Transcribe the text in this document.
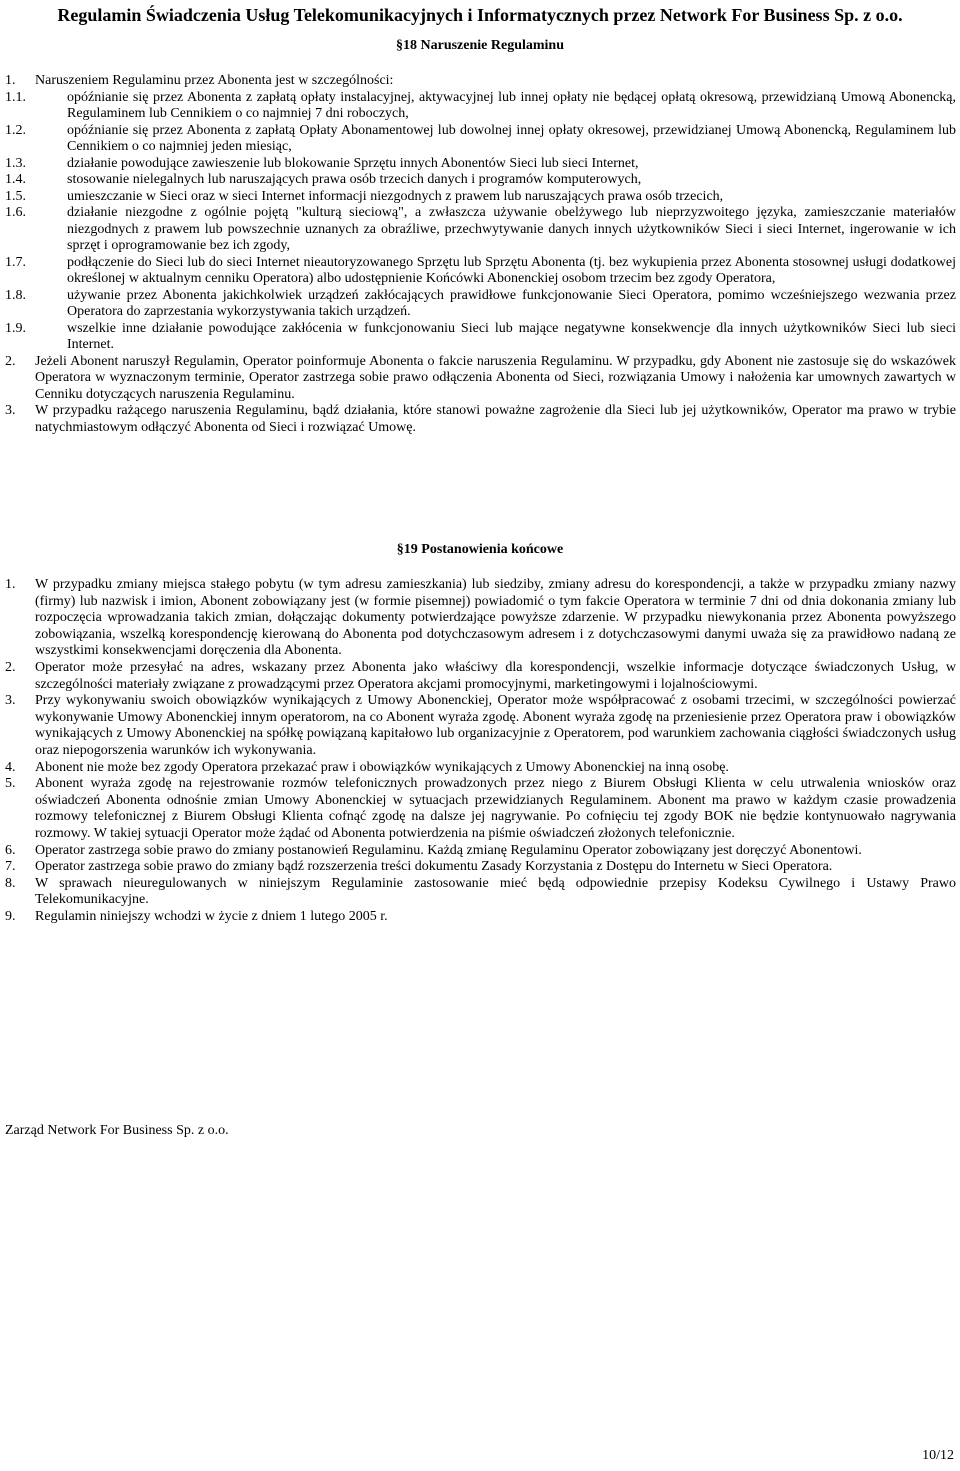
Regulamin Świadczenia Usług Telekomunikacyjnych i Informatycznych przez Network For Business Sp. z o.o.
§18 Naruszenie Regulaminu

1. Naruszeniem Regulaminu przez Abonenta jest w szczególności:

1.1.	opóźnianie się przez Abonenta z zapłatą opłaty instalacyjnej, aktywacyjnej lub innej opłaty nie będącej opłatą okresową, przewidzianą Umową Abonencką, Regulaminem lub Cennikiem o co najmniej 7 dni roboczych,

1.2.	opóźnianie się przez Abonenta z zapłatą Opłaty Abonamentowej lub dowolnej innej opłaty okresowej, przewidzianej Umową Abonencką, Regulaminem lub Cennikiem o co najmniej jeden miesiąc,

1.3.	działanie powodujące zawieszenie lub blokowanie Sprzętu innych Abonentów Sieci lub sieci Internet,

1.4.	stosowanie nielegalnych lub naruszających prawa osób trzecich danych i programów komputerowych,

1.5.	umieszczanie w Sieci oraz w sieci Internet informacji niezgodnych z prawem lub naruszających prawa osób trzecich,

1.6.	działanie niezgodne z ogólnie pojętą "kulturą sieciową", a zwłaszcza używanie obelżywego lub nieprzyzwoitego języka, zamieszczanie materiałów niezgodnych z prawem lub powszechnie uznanych za obraźliwe, przechwytywanie danych innych użytkowników Sieci i sieci Internet, ingerowanie w ich sprzęt i oprogramowanie bez ich zgody,

1.7.	podłączenie do Sieci lub do sieci Internet nieautoryzowanego Sprzętu lub Sprzętu Abonenta (tj. bez wykupienia przez Abonenta stosownej usługi dodatkowej określonej w aktualnym cenniku Operatora) albo udostępnienie Końcówki Abonenckiej osobom trzecim bez zgody Operatora,

1.8.	używanie przez Abonenta jakichkolwiek urządzeń zakłócających prawidłowe funkcjonowanie Sieci Operatora, pomimo wcześniejszego wezwania przez Operatora do zaprzestania wykorzystywania takich urządzeń.

1.9.	wszelkie inne działanie powodujące zakłócenia w funkcjonowaniu Sieci lub mające negatywne konsekwencje dla innych użytkowników Sieci lub sieci Internet.

2. Jeżeli Abonent naruszył Regulamin, Operator poinformuje Abonenta o fakcie naruszenia Regulaminu. W przypadku, gdy Abonent nie zastosuje się do wskazówek Operatora w wyznaczonym terminie, Operator zastrzega sobie prawo odłączenia Abonenta od Sieci, rozwiązania Umowy i nałożenia kar umownych zawartych w Cenniku dotyczących naruszenia Regulaminu.

3. W przypadku rażącego naruszenia Regulaminu, bądź działania, które stanowi poważne zagrożenie dla Sieci lub jej użytkowników, Operator ma prawo w trybie natychmiastowym odłączyć Abonenta od Sieci i rozwiązać Umowę.

§19 Postanowienia końcowe

1. W przypadku zmiany miejsca stałego pobytu (w tym adresu zamieszkania) lub siedziby, zmiany adresu do korespondencji, a także w przypadku zmiany nazwy (firmy) lub nazwisk i imion, Abonent zobowiązany jest (w formie pisemnej) powiadomić o tym fakcie Operatora w terminie 7 dni od dnia dokonania zmiany lub rozpoczęcia wprowadzania takich zmian, dołączając dokumenty potwierdzające powyższe zdarzenie. W przypadku niewykonania przez Abonenta powyższego zobowiązania, wszelką korespondencję kierowaną do Abonenta pod dotychczasowym adresem i z dotychczasowymi danymi uważa się za prawidłowo nadaną ze wszystkimi konsekwencjami doręczenia dla Abonenta.

2. Operator może przesyłać na adres, wskazany przez Abonenta jako właściwy dla korespondencji, wszelkie informacje dotyczące świadczonych Usług, w szczególności materiały związane z prowadzącymi przez Operatora akcjami promocyjnymi, marketingowymi i lojalnościowymi.

3. Przy wykonywaniu swoich obowiązków wynikających z Umowy Abonenckiej, Operator może współpracować z osobami trzecimi, w szczególności powierzać wykonywanie Umowy Abonenckiej innym operatorom, na co Abonent wyraża zgodę. Abonent wyraża zgodę na przeniesienie przez Operatora praw i obowiązków wynikających z Umowy Abonenckiej na spółkę powiązaną kapitałowo lub organizacyjnie z Operatorem, pod warunkiem zachowania ciągłości świadczonych usług oraz niepogorszenia warunków ich wykonywania.

4. Abonent nie może bez zgody Operatora przekazać praw i obowiązków wynikających z Umowy Abonenckiej na inną osobę.

5. Abonent wyraża zgodę na rejestrowanie rozmów telefonicznych prowadzonych przez niego z Biurem Obsługi Klienta w celu utrwalenia wniosków oraz oświadczeń Abonenta odnośnie zmian Umowy Abonenckiej w sytuacjach przewidzianych Regulaminem. Abonent ma prawo w każdym czasie prowadzenia rozmowy telefonicznej z Biurem Obsługi Klienta cofnąć zgodę na dalsze jej nagrywanie. Po cofnięciu tej zgody BOK nie będzie kontynuowało nagrywania rozmowy. W takiej sytuacji Operator może żądać od Abonenta potwierdzenia na piśmie oświadczeń złożonych telefonicznie.

6. Operator zastrzega sobie prawo do zmiany postanowień Regulaminu. Każdą zmianę Regulaminu Operator zobowiązany jest doręczyć Abonentowi.

7. Operator zastrzega sobie prawo do zmiany bądź rozszerzenia treści dokumentu Zasady Korzystania z Dostępu do Internetu w Sieci Operatora.

8. W sprawach nieuregulowanych w niniejszym Regulaminie zastosowanie mieć będą odpowiednie przepisy Kodeksu Cywilnego i Ustawy Prawo Telekomunikacyjne.

9. Regulamin niniejszy wchodzi w życie z dniem 1 lutego 2005 r.

Zarząd Network For Business Sp. z o.o.
10/12
